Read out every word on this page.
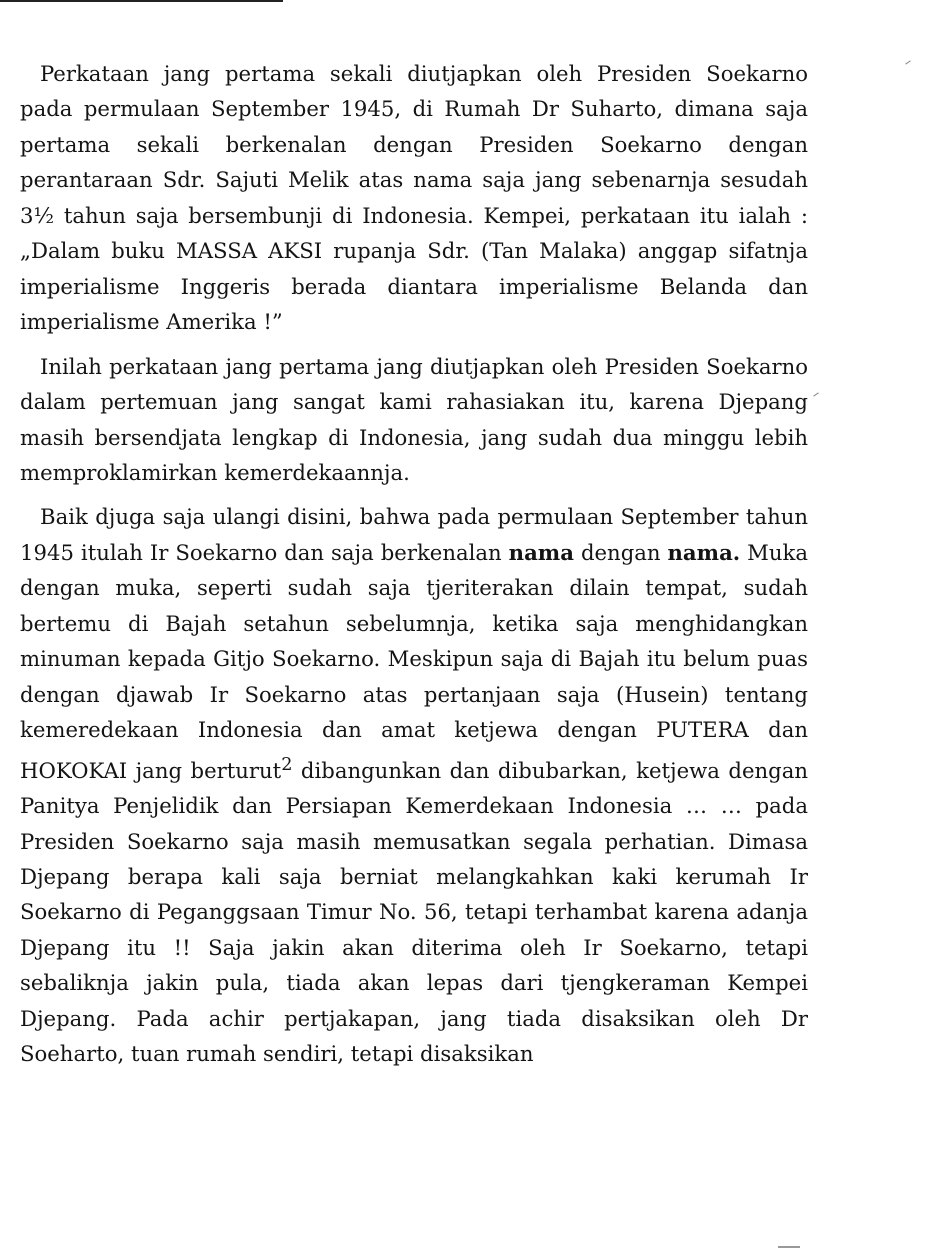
Perkataan jang pertama sekali diutjapkan oleh Presiden Soekarno pada permulaan September 1945, di Rumah Dr Suharto, dimana saja pertama sekali berkenalan dengan Presiden Soekarno dengan perantaraan Sdr. Sajuti Melik atas nama saja jang sebenarnja sesudah 3½ tahun saja bersembunji di Indonesia. Kempei, perkataan itu ialah : „Dalam buku MASSA AKSI rupanja Sdr. (Tan Malaka) anggap sifatnja imperialisme Inggeris berada diantara imperialisme Belanda dan imperialisme Amerika !”

Inilah perkataan jang pertama jang diutjapkan oleh Presiden Soekarno dalam pertemuan jang sangat kami rahasiakan itu, karena Djepang masih bersendjata lengkap di Indonesia, jang sudah dua minggu lebih memproklamirkan kemerdekaannja.

Baik djuga saja ulangi disini, bahwa pada permulaan September tahun 1945 itulah Ir Soekarno dan saja berkenalan nama dengan nama. Muka dengan muka, seperti sudah saja tjeriterakan dilain tempat, sudah bertemu di Bajah setahun sebelumnja, ketika saja menghidangkan minuman kepada Gitjo Soekarno. Meskipun saja di Bajah itu belum puas dengan djawab Ir Soekarno atas pertanjaan saja (Husein) tentang kemeredekaan Indonesia dan amat ketjewa dengan PUTERA dan HOKOKAI jang berturut$^2$ dibangunkan dan dibubarkan, ketjewa dengan Panitya Penjelidik dan Persiapan Kemerdekaan Indonesia … … pada Presiden Soekarno saja masih memusatkan segala perhatian. Dimasa Djepang berapa kali saja berniat melangkahkan kaki kerumah Ir Soekarno di Peganggsaan Timur No. 56, tetapi terhambat karena adanja Djepang itu !! Saja jakin akan diterima oleh Ir Soekarno, tetapi sebaliknja jakin pula, tiada akan lepas dari tjengkeraman Kempei Djepang. Pada achir pertjakapan, jang tiada disaksikan oleh Dr Soeharto, tuan rumah sendiri, tetapi disaksikan
